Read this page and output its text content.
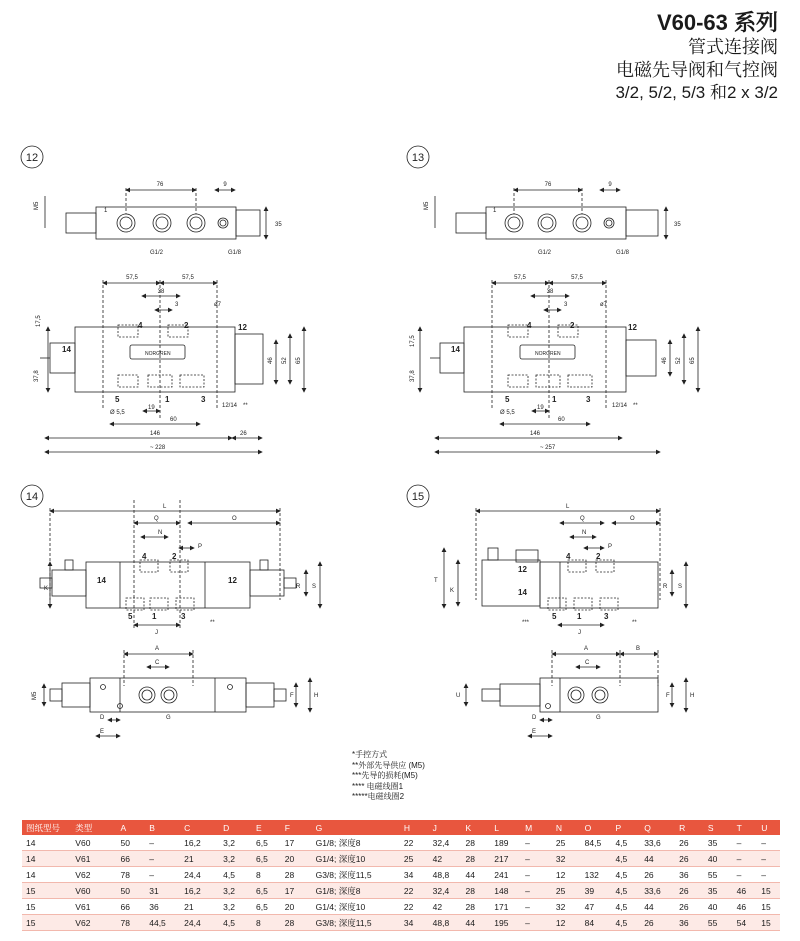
V60-63 系列
管式连接阀
电磁先导阀和气控阀
3/2, 5/2, 5/3 和2 x 3/2
12
76	9
35
M5
1
G1/2	G1/8
57,5	57,5
38
3	ø7
17,5
37,8
46 52 65
Ø 5,5
19
60
146	26
~ 228
NORGREN
12/14 **
4	2	12
14
5	1	3
13
76	9
35
M5
1
G1/2	G1/8
57,5	57,5
38
3	ø7
17,5
37,8
46 52 65
Ø 5,5
19
60
146
~ 257
NORGREN
12/14 **
4	2	12
14
5	1	3
14
L
Q	O
N
P
K	R S
J
**
4	2
14	12
5 1	3
A
C
D
E
G
F	H
M5
15
L
Q	O
N
P
T
K
R S
J
***	**
4	2
12
14
5	1	3
A	B
C
D
E
G
F	H
U
*手控方式
**外部先导供应 (M5)
***先导的损耗(M5)
**** 电磁线圈1
*****电磁线圈2
图纸型号	类型	A	B	C	D	E	F	G	H	J	K	L	M	N	O	P	Q	R	S	T	U
14	V60	50	–	16,2	3,2	6,5	17	G1/8; 深度8	22	32,4	28	189	–	25	84,5	4,5	33,6	26	35	–	–
14	V61	66	–	21	3,2	6,5	20	G1/4; 深度10	25	42	28	217	–	32		4,5	44	26	40	–	–
14	V62	78	–	24,4	4,5	8	28	G3/8; 深度11,5	34	48,8	44	241	–	12	132	4,5	26	36	55	–	–
15	V60	50	31	16,2	3,2	6,5	17	G1/8; 深度8	22	32,4	28	148	–	25	39	4,5	33,6	26	35	46	15
15	V61	66	36	21	3,2	6,5	20	G1/4; 深度10	22	42	28	171	–	32	47	4,5	44	26	40	46	15
15	V62	78	44,5	24,4	4,5	8	28	G3/8; 深度11,5	34	48,8	44	195	–	12	84	4,5	26	36	55	54	15
